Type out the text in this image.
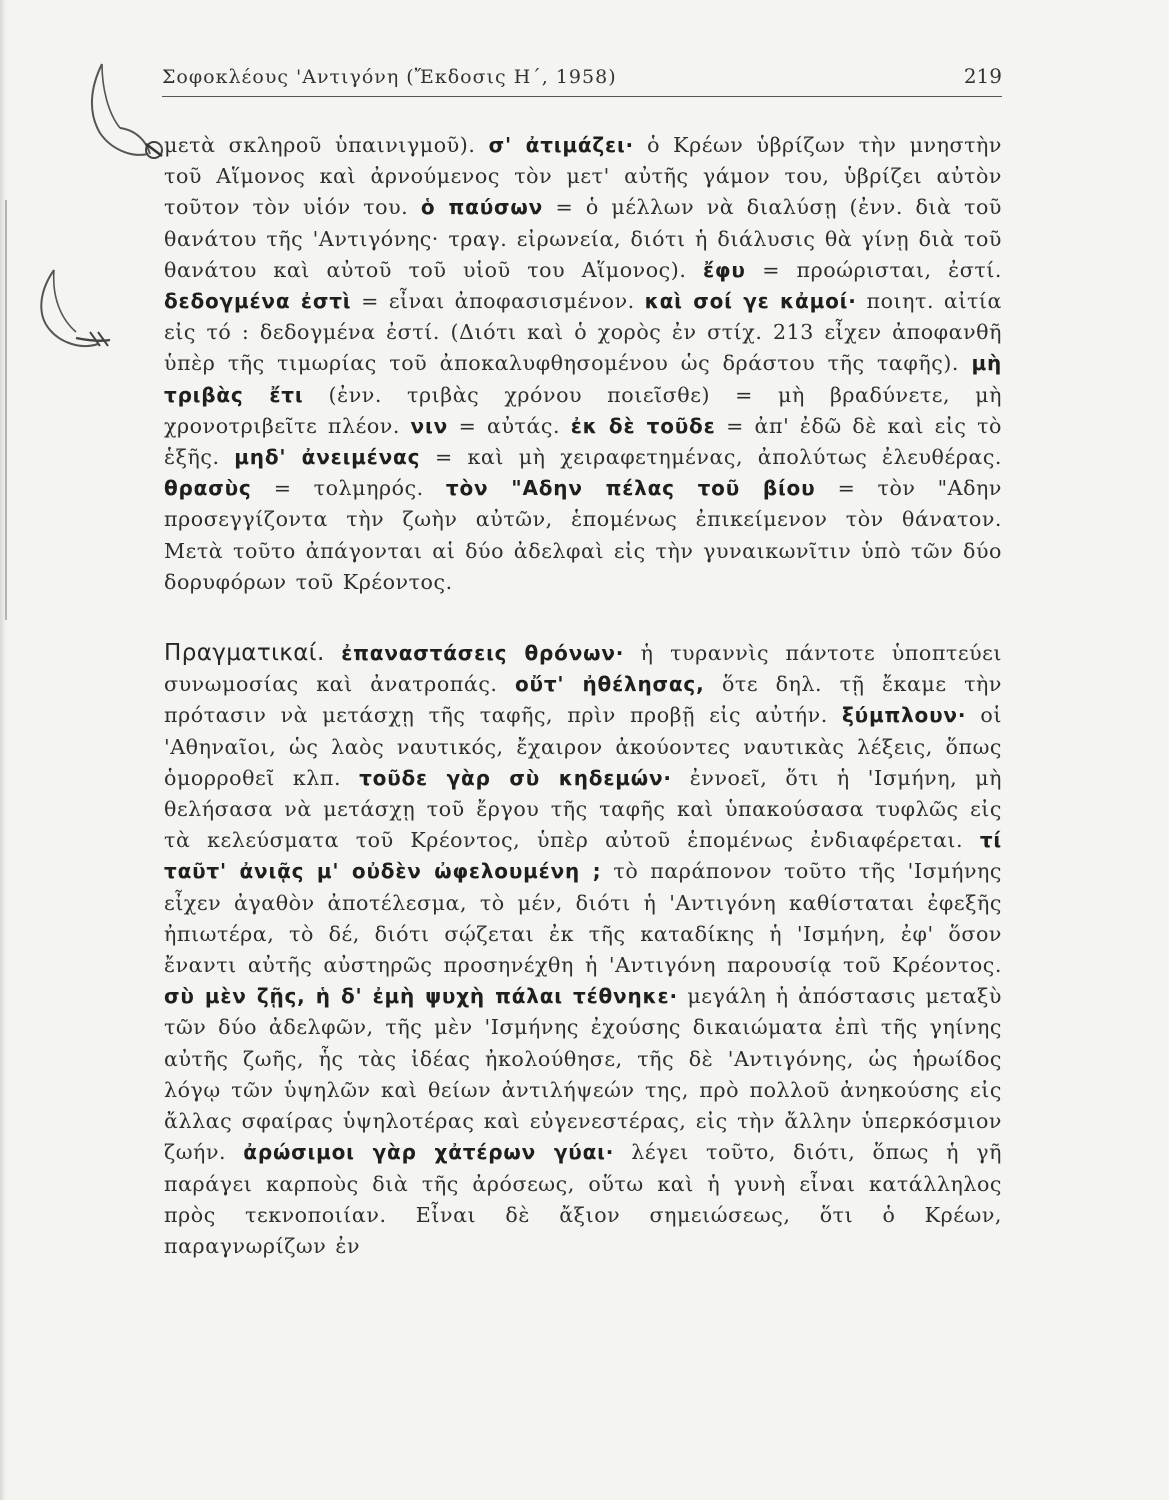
Σοφοκλέους 'Αντιγόνη (Ἔκδοσις Η΄, 1958)	219

μετὰ σκληροῦ ὑπαινιγμοῦ). σ' ἀτιμάζει· ὁ Κρέων ὑβρίζων τὴν μνηστὴν τοῦ Αἵμονος καὶ ἀρνούμενος τὸν μετ' αὐτῆς γάμον του, ὑβρίζει αὐτὸν τοῦτον τὸν υἱόν του. ὁ παύσων = ὁ μέλλων νὰ διαλύσῃ (ἐνν. διὰ τοῦ θανάτου τῆς 'Αντιγόνης· τραγ. εἰρωνεία, διότι ἡ διάλυσις θὰ γίνῃ διὰ τοῦ θανάτου καὶ αὐτοῦ τοῦ υἱοῦ του Αἵμονος). ἔφυ = προώρισται, ἐστί. δεδογμένα ἐστὶ = εἶναι ἀποφασισμένον. καὶ σοί γε κἀμοί· ποιητ. αἰτία εἰς τό : δεδογμένα ἐστί. (Διότι καὶ ὁ χορὸς ἐν στίχ. 213 εἶχεν ἀποφανθῆ ὑπὲρ τῆς τιμωρίας τοῦ ἀποκαλυφθησομένου ὡς δράστου τῆς ταφῆς). μὴ τριβὰς ἔτι (ἐνν. τριβὰς χρόνου ποιεῖσθε) = μὴ βραδύνετε, μὴ χρονοτριβεῖτε πλέον. νιν = αὐτάς. ἐκ δὲ τοῦδε = ἀπ' ἐδῶ δὲ καὶ εἰς τὸ ἑξῆς. μηδ' ἀνειμένας = καὶ μὴ χειραφετημένας, ἀπολύτως ἐλευθέρας. θρασὺς = τολμηρός. τὸν "Αδην πέλας τοῦ βίου = τὸν "Αδην προσεγγίζοντα τὴν ζωὴν αὐτῶν, ἑπομένως ἐπικείμενον τὸν θάνατον. Μετὰ τοῦτο ἀπάγονται αἱ δύο ἀδελφαὶ εἰς τὴν γυναικωνῖτιν ὑπὸ τῶν δύο δορυφόρων τοῦ Κρέοντος.

Πραγματικαί. ἐπαναστάσεις θρόνων· ἡ τυραννὶς πάντοτε ὑποπτεύει συνωμοσίας καὶ ἀνατροπάς. οὔτ' ἠθέλησας, ὅτε δηλ. τῇ ἔκαμε τὴν πρότασιν νὰ μετάσχῃ τῆς ταφῆς, πρὶν προβῇ εἰς αὐτήν. ξύμπλουν· οἱ 'Αθηναῖοι, ὡς λαὸς ναυτικός, ἔχαιρον ἀκούοντες ναυτικὰς λέξεις, ὅπως ὁμορροθεῖ κλπ. τοῦδε γὰρ σὺ κηδεμών· ἐννοεῖ, ὅτι ἡ 'Ισμήνη, μὴ θελήσασα νὰ μετάσχῃ τοῦ ἔργου τῆς ταφῆς καὶ ὑπακούσασα τυφλῶς εἰς τὰ κελεύσματα τοῦ Κρέοντος, ὑπὲρ αὐτοῦ ἑπομένως ἐνδιαφέρεται. τί ταῦτ' ἀνιᾷς μ' οὐδὲν ὠφελουμένη ; τὸ παράπονον τοῦτο τῆς 'Ισμήνης εἶχεν ἀγαθὸν ἀποτέλεσμα, τὸ μέν, διότι ἡ 'Αντιγόνη καθίσταται ἐφεξῆς ἠπιωτέρα, τὸ δέ, διότι σῴζεται ἐκ τῆς καταδίκης ἡ 'Ισμήνη, ἐφ' ὅσον ἔναντι αὐτῆς αὐστηρῶς προσηνέχθη ἡ 'Αντιγόνη παρουσίᾳ τοῦ Κρέοντος. σὺ μὲν ζῇς, ἡ δ' ἐμὴ ψυχὴ πάλαι τέθνηκε· μεγάλη ἡ ἀπόστασις μεταξὺ τῶν δύο ἀδελφῶν, τῆς μὲν 'Ισμήνης ἐχούσης δικαιώματα ἐπὶ τῆς γηίνης αὐτῆς ζωῆς, ἧς τὰς ἰδέας ἠκολούθησε, τῆς δὲ 'Αντιγόνης, ὡς ἡρωίδος λόγῳ τῶν ὑψηλῶν καὶ θείων ἀντιλήψεών της, πρὸ πολλοῦ ἀνηκούσης εἰς ἄλλας σφαίρας ὑψηλοτέρας καὶ εὐγενεστέρας, εἰς τὴν ἄλλην ὑπερκόσμιον ζωήν. ἀρώσιμοι γὰρ χἀτέρων γύαι· λέγει τοῦτο, διότι, ὅπως ἡ γῆ παράγει καρποὺς διὰ τῆς ἀρόσεως, οὕτω καὶ ἡ γυνὴ εἶναι κατάλληλος πρὸς τεκνοποιίαν. Εἶναι δὲ ἄξιον σημειώσεως, ὅτι ὁ Κρέων, παραγνωρίζων ἐν
